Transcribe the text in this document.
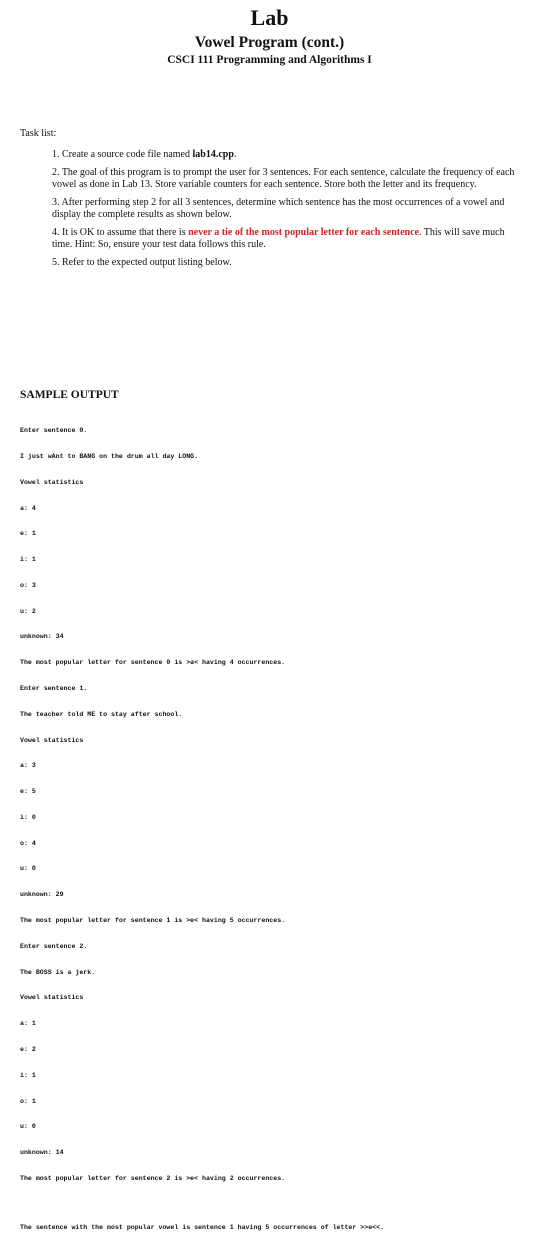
Lab
Vowel Program (cont.)
CSCI 111 Programming and Algorithms I
Task list:
1. Create a source code file named lab14.cpp.
2. The goal of this program is to prompt the user for 3 sentences. For each sentence, calculate the frequency of each vowel as done in Lab 13. Store variable counters for each sentence. Store both the letter and its frequency.
3. After performing step 2 for all 3 sentences, determine which sentence has the most occurrences of a vowel and display the complete results as shown below.
4. It is OK to assume that there is never a tie of the most popular letter for each sentence. This will save much time. Hint: So, ensure your test data follows this rule.
5. Refer to the expected output listing below.
SAMPLE OUTPUT

Enter sentence 0.

I just wAnt to BANG on the drum all day LONG.

Vowel statistics

a: 4

e: 1

i: 1

o: 3

u: 2

unknown: 34

The most popular letter for sentence 0 is >a< having 4 occurrences.

Enter sentence 1.

The teacher told ME to stay after school.

Vowel statistics

a: 3

e: 5

i: 0

o: 4

u: 0

unknown: 29

The most popular letter for sentence 1 is >e< having 5 occurrences.

Enter sentence 2.

The BOSS is a jerk.

Vowel statistics

a: 1

e: 2

i: 1

o: 1

u: 0

unknown: 14

The most popular letter for sentence 2 is >e< having 2 occurrences.

The sentence with the most popular vowel is sentence 1 having 5 occurrences of letter >>e<<.
